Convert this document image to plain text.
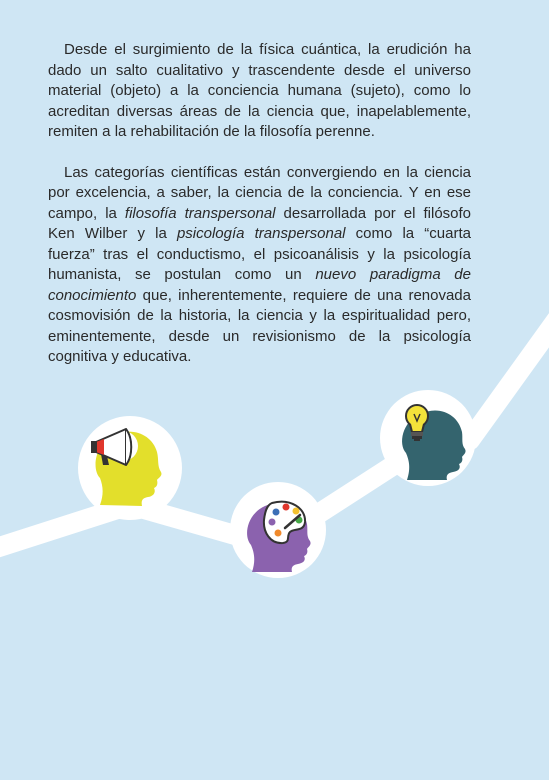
Desde el surgimiento de la física cuántica, la erudición ha dado un salto cualitativo y trascendente desde el universo material (objeto) a la conciencia humana (sujeto), como lo acreditan diversas áreas de la ciencia que, inapelablemente, remiten a la rehabilitación de la filosofía perenne.

Las categorías científicas están convergiendo en la ciencia por excelencia, a saber, la ciencia de la conciencia. Y en ese campo, la filosofía transpersonal desarrollada por el filósofo Ken Wilber y la psicología transpersonal como la “cuarta fuerza” tras el conductismo, el psicoanálisis y la psicología humanista, se postulan como un nuevo paradigma de conocimiento que, inherentemente, requiere de una renovada cosmovisión de la historia, la ciencia y la espiritualidad pero, eminentemente, desde un revisionismo de la psicología cognitiva y educativa.
